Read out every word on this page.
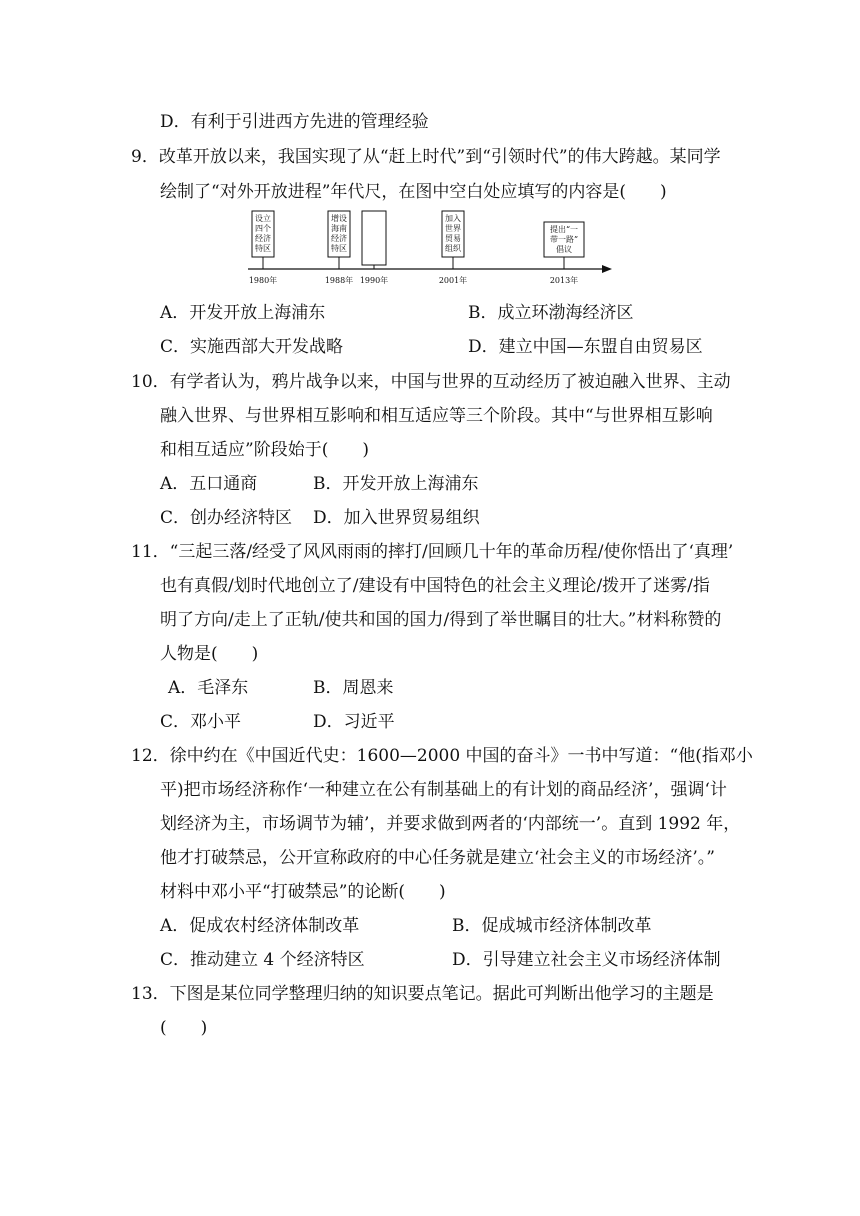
D．有利于引进西方先进的管理经验
9．改革开放以来，我国实现了从“赶上时代”到“引领时代”的伟大跨越。某同学
绘制了“对外开放进程”年代尺，在图中空白处应填写的内容是(　　)
设立
四个
经济
特区
1980年
增设
海南
经济
特区
1988年 1990年
加入
世界
贸易
组织
2001年
提出“一
带一路”
倡议
2013年
A．开发开放上海浦东	B．成立环渤海经济区
C．实施西部大开发战略	D．建立中国—东盟自由贸易区
10．有学者认为，鸦片战争以来，中国与世界的互动经历了被迫融入世界、主动
融入世界、与世界相互影响和相互适应等三个阶段。其中“与世界相互影响
和相互适应”阶段始于(　　)
A．五口通商	B．开发开放上海浦东
C．创办经济特区 D．加入世界贸易组织
11．“三起三落/经受了风风雨雨的摔打/回顾几十年的革命历程/使你悟出了‘真理’
也有真假/划时代地创立了/建设有中国特色的社会主义理论/拨开了迷雾/指
明了方向/走上了正轨/使共和国的国力/得到了举世瞩目的壮大。”材料称赞的
人物是(　　)
A．毛泽东	B．周恩来
C．邓小平	D．习近平
12．徐中约在《中国近代史：1600—2000 中国的奋斗》一书中写道：“他(指邓小
平)把市场经济称作‘一种建立在公有制基础上的有计划的商品经济’，强调‘计
划经济为主，市场调节为辅’，并要求做到两者的‘内部统一’。直到 1992 年，
他才打破禁忌，公开宣称政府的中心任务就是建立‘社会主义的市场经济’。”
材料中邓小平“打破禁忌”的论断(　　)
A．促成农村经济体制改革	B．促成城市经济体制改革
C．推动建立 4 个经济特区	D．引导建立社会主义市场经济体制
13．下图是某位同学整理归纳的知识要点笔记。据此可判断出他学习的主题是
(　　)
